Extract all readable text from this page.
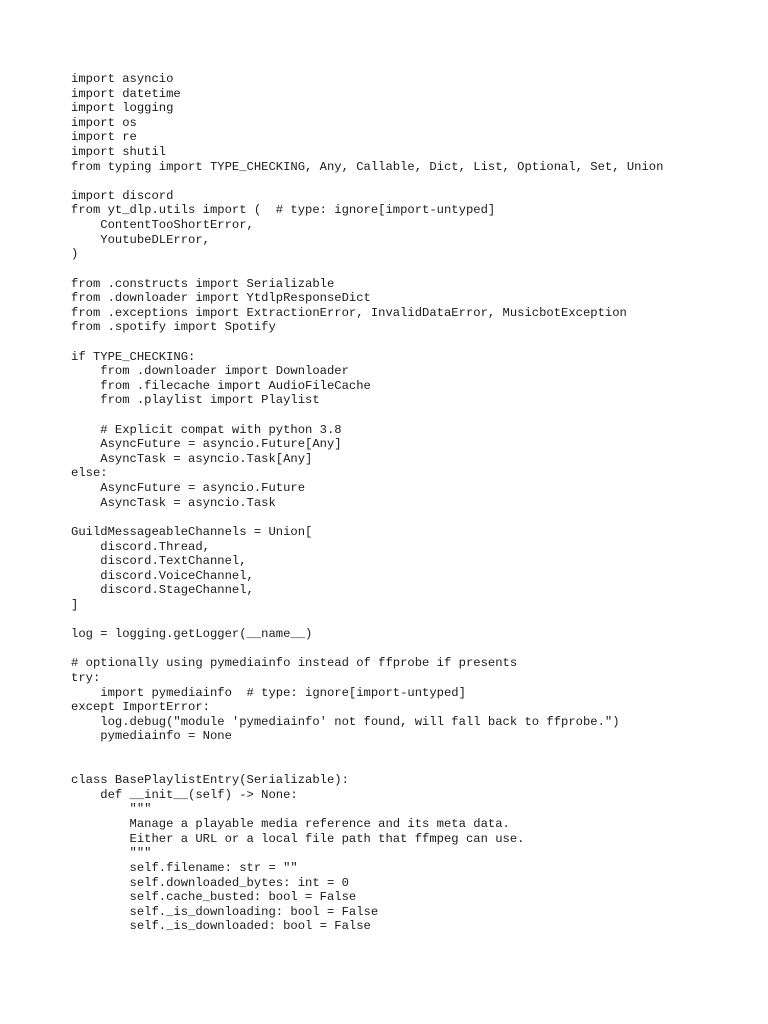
import asyncio
import datetime
import logging
import os
import re
import shutil
from typing import TYPE_CHECKING, Any, Callable, Dict, List, Optional, Set, Union
import discord
from yt_dlp.utils import (  # type: ignore[import-untyped]
ContentTooShortError,
YoutubeDLError,
)
from .constructs import Serializable
from .downloader import YtdlpResponseDict
from .exceptions import ExtractionError, InvalidDataError, MusicbotException
from .spotify import Spotify
if TYPE_CHECKING:
from .downloader import Downloader
from .filecache import AudioFileCache
from .playlist import Playlist
# Explicit compat with python 3.8
AsyncFuture = asyncio.Future[Any]
AsyncTask = asyncio.Task[Any]
else:
AsyncFuture = asyncio.Future
AsyncTask = asyncio.Task
GuildMessageableChannels = Union[
discord.Thread,
discord.TextChannel,
discord.VoiceChannel,
discord.StageChannel,
]
log = logging.getLogger(__name__)
# optionally using pymediainfo instead of ffprobe if presents
try:
import pymediainfo  # type: ignore[import-untyped]
except ImportError:
log.debug("module 'pymediainfo' not found, will fall back to ffprobe.")
pymediainfo = None
class BasePlaylistEntry(Serializable):
def __init__(self) -> None:
"""
Manage a playable media reference and its meta data.
Either a URL or a local file path that ffmpeg can use.
"""
self.filename: str = ""
self.downloaded_bytes: int = 0
self.cache_busted: bool = False
self._is_downloading: bool = False
self._is_downloaded: bool = False
